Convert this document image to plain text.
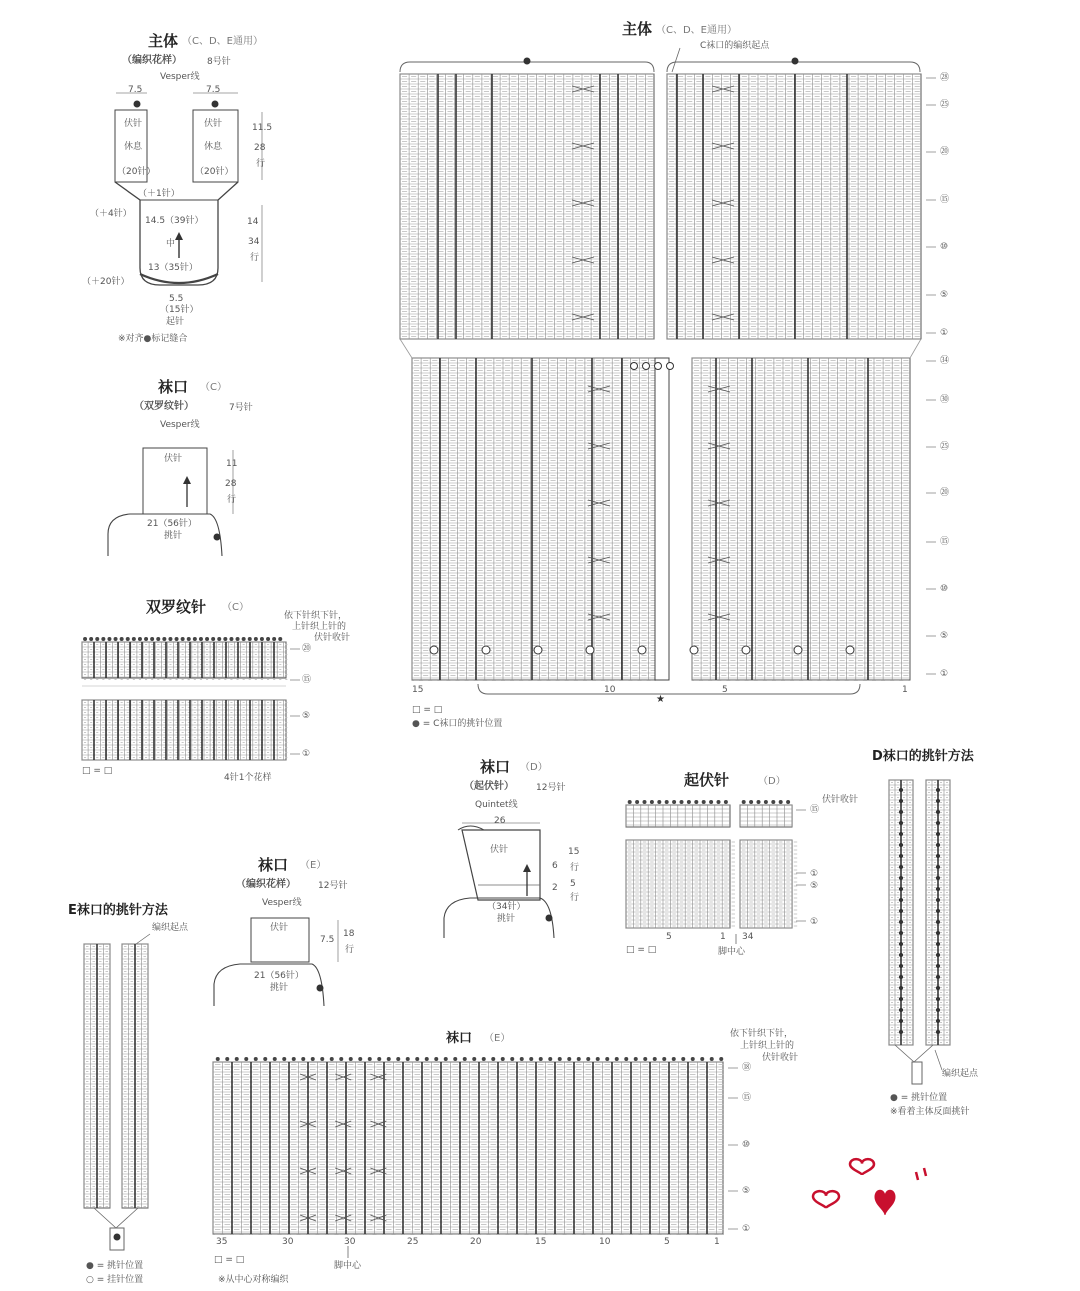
★
主体 （C、D、E通用）
（编织花样）	8号针
Vesper线
7.5	7.5
伏针	伏针
休息	休息
（20针）	（20针）
（＋1针）
（＋4针）
14.5（39针）
中
13（35针）
（＋20针）
5.5
（15针）
起针
11.5
28
行
14
34
行
※对齐●标记缝合
袜口 （C）
（双罗纹针）	7号针
Vesper线
伏针	11
28
行
21（56针）
挑针
双罗纹针 （C）
依下针织下针，
上针织上针的
伏针收针
⑳
⑮
⑤
①
□ = □
4针1个花样
主体 （C、D、E通用）
C袜口的编织起点
㉘
㉕
⑳
⑮
⑩
⑤
①
㉞
㉚
㉕
⑳
⑮
⑩
⑤
①
15	10	5	1
□ = □
● = C袜口的挑针位置
袜口 （D）
（起伏针） 12号针
Quintet线
26
伏针
6
2
15
行
5
行
（34针）
挑针
起伏针	（D）
伏针收针
⑮
①
⑤
①
5	1 34
□ = □	脚中心
D袜口的挑针方法
编织起点
● = 挑针位置
※看着主体反面挑针
袜口 （E）
（编织花样） 12号针
Vesper线
伏针
7.5
18
行
21（56针）
挑针
E袜口的挑针方法
编织起点
● = 挑针位置
○ = 挂针位置
袜口 （E）	依下针织下针，
上针织上针的
伏针收针
⑱
⑮
⑩
⑤
①
35	30	30	25	20	15	10	5	1
□ = □
脚中心
※从中心对称编织
